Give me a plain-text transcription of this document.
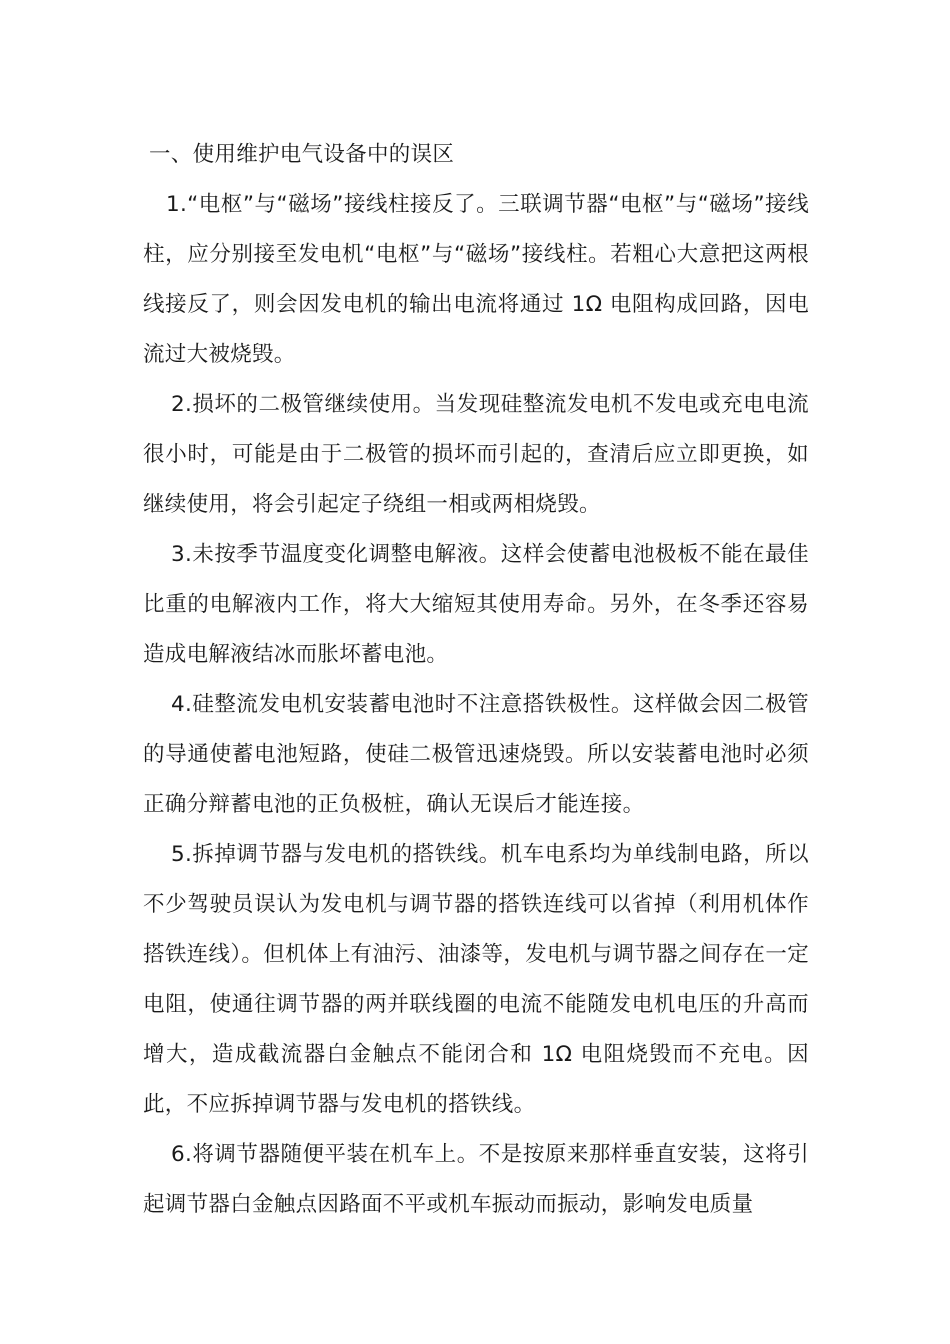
一、使用维护电气设备中的误区

1.“电枢”与“磁场”接线柱接反了。三联调节器“电枢”与“磁场”接线柱，应分别接至发电机“电枢”与“磁场”接线柱。若粗心大意把这两根线接反了，则会因发电机的输出电流将通过 1Ω 电阻构成回路，因电流过大被烧毁。

2.损坏的二极管继续使用。当发现硅整流发电机不发电或充电电流很小时，可能是由于二极管的损坏而引起的，查清后应立即更换，如继续使用，将会引起定子绕组一相或两相烧毁。

3.未按季节温度变化调整电解液。这样会使蓄电池极板不能在最佳比重的电解液内工作，将大大缩短其使用寿命。另外，在冬季还容易造成电解液结冰而胀坏蓄电池。

4.硅整流发电机安装蓄电池时不注意搭铁极性。这样做会因二极管的导通使蓄电池短路，使硅二极管迅速烧毁。所以安装蓄电池时必须正确分辩蓄电池的正负极桩，确认无误后才能连接。

5.拆掉调节器与发电机的搭铁线。机车电系均为单线制电路，所以不少驾驶员误认为发电机与调节器的搭铁连线可以省掉（利用机体作搭铁连线）。但机体上有油污、油漆等，发电机与调节器之间存在一定电阻，使通往调节器的两并联线圈的电流不能随发电机电压的升高而增大，造成截流器白金触点不能闭合和 1Ω 电阻烧毁而不充电。因此，不应拆掉调节器与发电机的搭铁线。

6.将调节器随便平装在机车上。不是按原来那样垂直安装，这将引起调节器白金触点因路面不平或机车振动而振动，影响发电质量
